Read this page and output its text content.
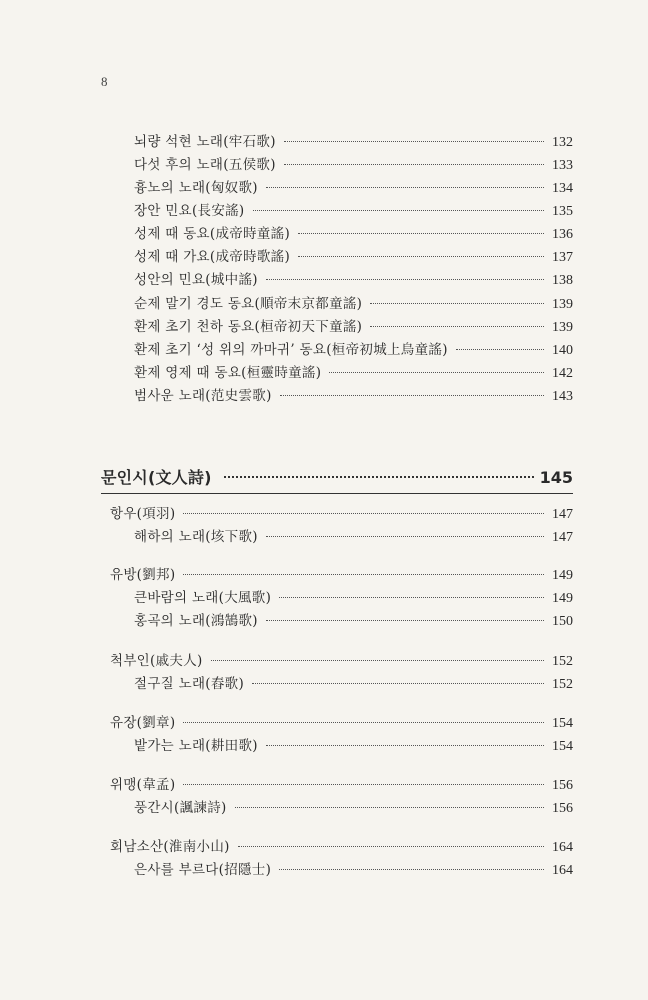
8
뇌량 석현 노래(牢石歌)	132
다섯 후의 노래(五侯歌)	133
흉노의 노래(匈奴歌)	134
장안 민요(長安謠)	135
성제 때 동요(成帝時童謠)	136
성제 때 가요(成帝時歌謠)	137
성안의 민요(城中謠)	138
순제 말기 경도 동요(順帝末京都童謠)	139
환제 초기 천하 동요(桓帝初天下童謠)	139
환제 초기 ‘성 위의 까마귀’ 동요(桓帝初城上烏童謠)	140
환제 영제 때 동요(桓靈時童謠)	142
범사운 노래(范史雲歌)	143
문인시(文人詩)	145
항우(項羽)	147
해하의 노래(垓下歌)	147
유방(劉邦)	149
큰바람의 노래(大風歌)	149
홍곡의 노래(鴻鵠歌)	150
척부인(戚夫人)	152
절구질 노래(舂歌)	152
유장(劉章)	154
밭가는 노래(耕田歌)	154
위맹(韋孟)	156
풍간시(諷諫詩)	156
회남소산(淮南小山)	164
은사를 부르다(招隱士)	164
